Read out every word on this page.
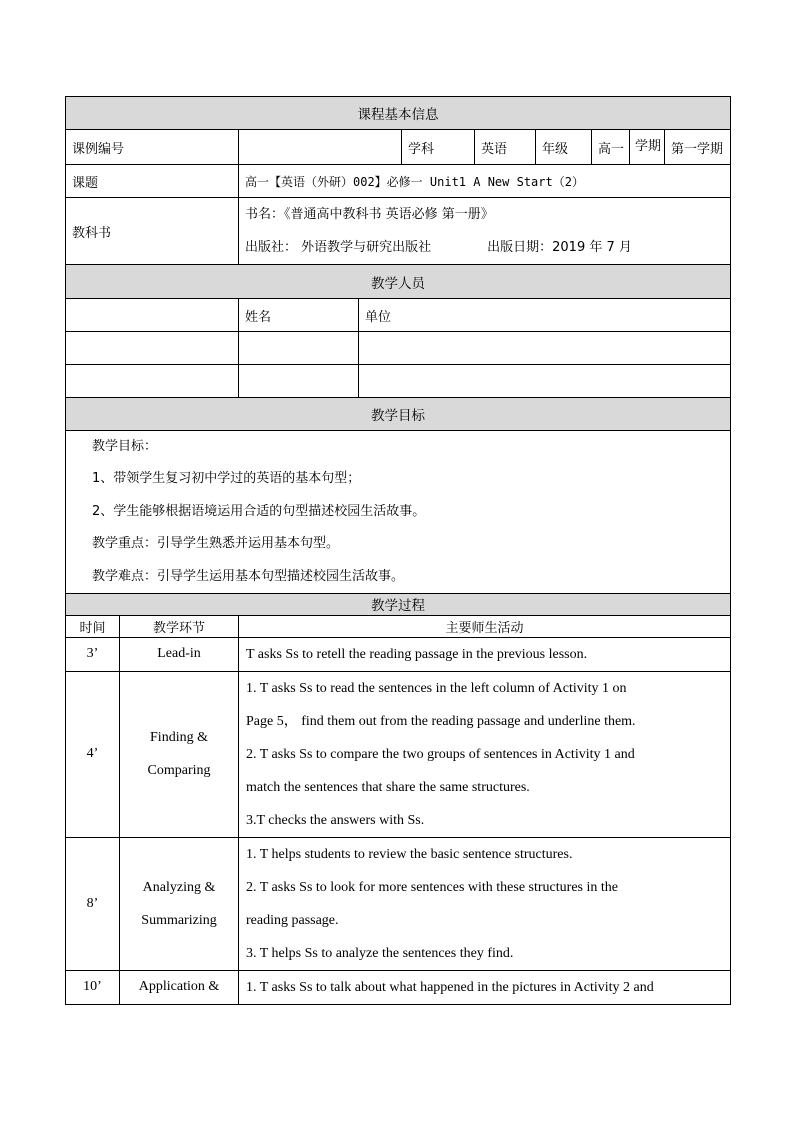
课程基本信息								
课例编号				学科	英语	年级	高一	学期 第一学期

课题		高一【英语（外研）002】必修一 Unit1 A New Start（2）						
教科书		书名：《普通高中教科书 英语必修 第一册》
出版社： 外语教学与研究出版社 出版日期：2019 年 7 月						

教学人员								
		姓名	单位					

教学目标								

教学目标：
1、带领学生复习初中学过的英语的基本句型；
2、学生能够根据语境运用合适的句型描述校园生活故事。
教学重点：引导学生熟悉并运用基本句型。
教学难点：引导学生运用基本句型描述校园生活故事。								

教学过程								
时间	教学环节	主要师生活动						
3’	Lead-in	T asks Ss to retell the reading passage in the previous lesson.						

4’	Finding &
Comparing	1. T asks Ss to read the sentences in the left column of Activity 1 on
Page 5， find them out from the reading passage and underline them.
2. T asks Ss to compare the two groups of sentences in Activity 1 and
match the sentences that share the same structures.
3.T checks the answers with Ss.						

8’	Analyzing &
Summarizing	1. T helps students to review the basic sentence structures.
2. T asks Ss to look for more sentences with these structures in the
reading passage.
3. T helps Ss to analyze the sentences they find.						

10’	Application &	1. T asks Ss to talk about what happened in the pictures in Activity 2 and						
